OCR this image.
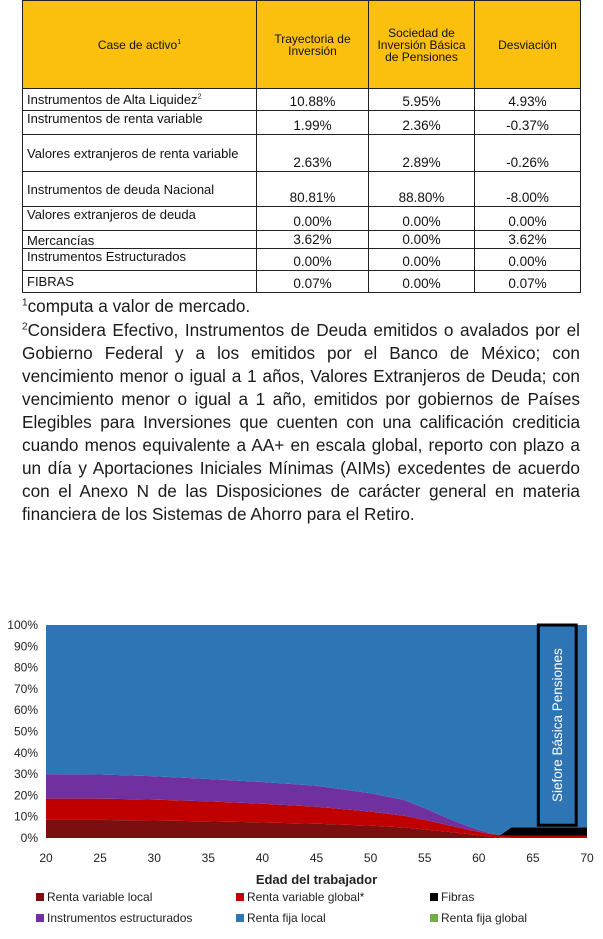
Case de activo$^1$	Trayectoria de Inversión	Sociedad de Inversión Básica de Pensiones	Desviación
Instrumentos de Alta Liquidez$^2$	10.88%	5.95%	4.93%
Instrumentos de renta variable	1.99%	2.36%	-0.37%
Valores extranjeros de renta variable	2.63%	2.89%	-0.26%
Instrumentos de deuda Nacional	80.81%	88.80%	-8.00%
Valores extranjeros de deuda	0.00%	0.00%	0.00%
Mercancías	3.62%	0.00%	3.62%
Instrumentos Estructurados	0.00%	0.00%	0.00%
FIBRAS	0.07%	0.00%	0.07%

$^1$computa a valor de mercado.

$^2$Considera Efectivo, Instrumentos de Deuda emitidos o avalados por el Gobierno Federal y a los emitidos por el Banco de México; con vencimiento menor o igual a 1 años, Valores Extranjeros de Deuda; con vencimiento menor o igual a 1 año, emitidos por gobiernos de Países Elegibles para Inversiones que cuenten con una calificación crediticia cuando menos equivalente a AA+ en escala global, reporto con plazo a un día y Aportaciones Iniciales Mínimas (AIMs) excedentes de acuerdo con el Anexo N de las Disposiciones de carácter general en materia financiera de los Sistemas de Ahorro para el Retiro.

0%
10%
20%
30%
40%
50%
60%
70%
80%
90%
100%
20	25	30	35	40	45	50	55	60	65	70
Edad del trabajador
Siefore Básica Pensiones
Renta variable local	Renta variable global*	Fibras
Instrumentos estructurados	Renta fija local	Renta fija global
